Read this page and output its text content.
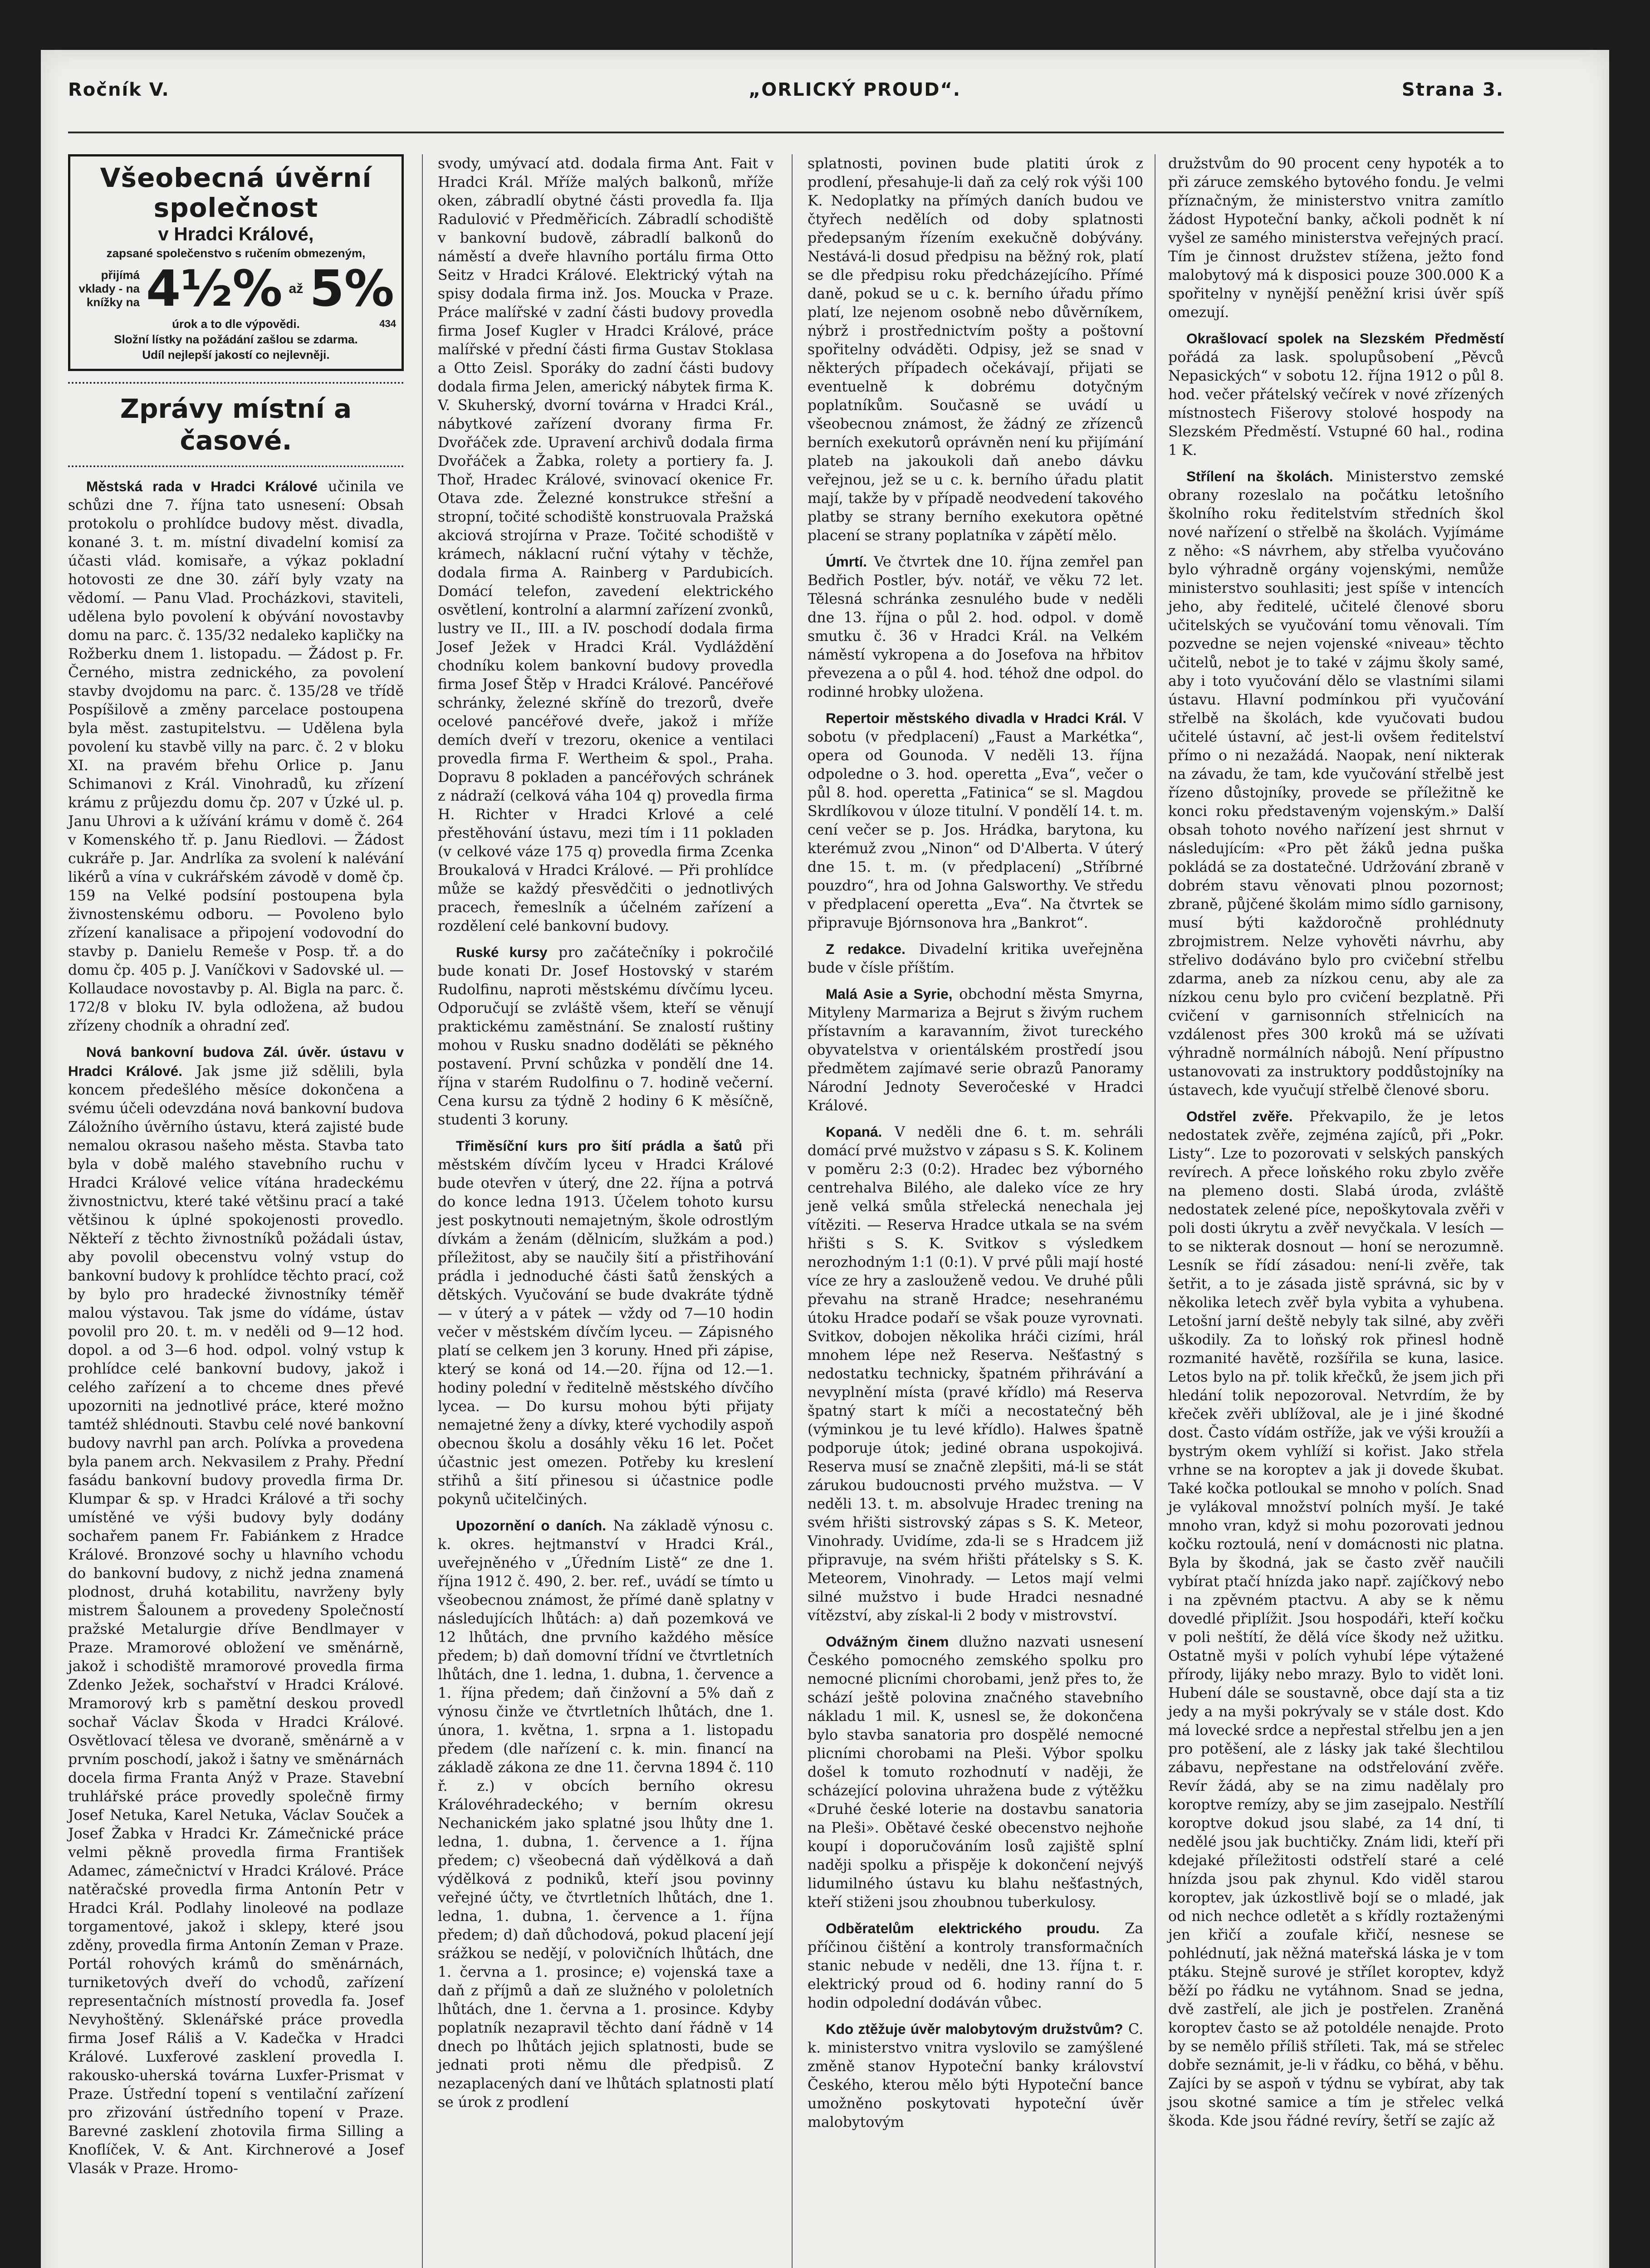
Ročník V.	„ORLICKÝ PROUD“.	Strana 3.
Všeobecná úvěrní společnost
v Hradci Králové,
zapsané společenstvo s ručením obmezeným,
přijímá vklady - na knížky na 4½% až 5%
úrok a to dle výpovědi.	434
Složní lístky na požádání zašlou se zdarma.
Udíl nejlepší jakostí co nejlevněji.
Zprávy místní a časové.

Městská rada v Hradci Králové učinila ve schůzi dne 7. října tato usnesení: Obsah protokolu o prohlídce budovy měst. divadla, konané 3. t. m. místní divadelní komisí za účasti vlád. komisaře, a výkaz pokladní hotovosti ze dne 30. září byly vzaty na vědomí. — Panu Vlad. Procházkovi, staviteli, udělena bylo povolení k obývání novostavby domu na parc. č. 135/32 nedaleko kapličky na Rožberku dnem 1. listopadu. — Žádost p. Fr. Černého, mistra zednického, za povolení stavby dvojdomu na parc. č. 135/28 ve třídě Pospíšilově a změny parcelace postoupena byla měst. zastupitelstvu. — Udělena byla povolení ku stavbě villy na parc. č. 2 v bloku XI. na pravém břehu Orlice p. Janu Schimanovi z Král. Vinohradů, ku zřízení krámu z průjezdu domu čp. 207 v Úzké ul. p. Janu Uhrovi a k užívání krámu v domě č. 264 v Komenského tř. p. Janu Riedlovi. — Žádost cukráře p. Jar. Andrlíka za svolení k nalévání likérů a vína v cukrářském závodě v domě čp. 159 na Velké podsíní postoupena byla živnostenskému odboru. — Povoleno bylo zřízení kanalisace a připojení vodovodní do stavby p. Danielu Remeše v Posp. tř. a do domu čp. 405 p. J. Vaníčkovi v Sadovské ul. — Kollaudace novostavby p. Al. Bigla na parc. č. 172/8 v bloku IV. byla odložena, až budou zřízeny chodník a ohradní zeď.

Nová bankovní budova Zál. úvěr. ústavu v Hradci Králové. Jak jsme již sdělili, byla koncem předešlého měsíce dokončena a svému účeli odevzdána nová bankovní budova Záložního úvěrního ústavu, která zajisté bude nemalou okrasou našeho města. Stavba tato byla v době malého stavebního ruchu v Hradci Králové velice vítána hradeckému živnostnictvu, které také většinu prací a také většinou k úplné spokojenosti provedlo. Někteří z těchto živnostníků požádali ústav, aby povolil obecenstvu volný vstup do bankovní budovy k prohlídce těchto prací, což by bylo pro hradecké živnostníky téměř malou výstavou. Tak jsme do vídáme, ústav povolil pro 20. t. m. v neděli od 9—12 hod. dopol. a od 3—6 hod. odpol. volný vstup k prohlídce celé bankovní budovy, jakož i celého zařízení a to chceme dnes převé upozorniti na jednotlivé práce, které možno tamtéž shlédnouti. Stavbu celé nové bankovní budovy navrhl pan arch. Polívka a provedena byla panem arch. Nekvasilem z Prahy. Přední fasádu bankovní budovy provedla firma Dr. Klumpar & sp. v Hradci Králové a tři sochy umístěné ve výši budovy byly dodány sochařem panem Fr. Fabiánkem z Hradce Králové. Bronzové sochy u hlavního vchodu do bankovní budovy, z nichž jedna znamená plodnost, druhá kotabilitu, navrženy byly mistrem Šalounem a provedeny Společností pražské Metalurgie dříve Bendlmayer v Praze. Mramorové obložení ve směnárně, jakož i schodiště mramorové provedla firma Zdenko Ježek, sochařství v Hradci Králové. Mramorový krb s pamětní deskou provedl sochař Václav Škoda v Hradci Králové. Osvětlovací tělesa ve dvoraně, směnárně a v prvním poschodí, jakož i šatny ve směnárnách docela firma Franta Anýž v Praze. Stavební truhlářské práce provedly společně firmy Josef Netuka, Karel Netuka, Václav Souček a Josef Žabka v Hradci Kr. Zámečnické práce velmi pěkně provedla firma František Adamec, zámečnictví v Hradci Králové. Práce natěračské provedla firma Antonín Petr v Hradci Král. Podlahy linoleové na podlaze torgamentové, jakož i sklepy, které jsou zděny, provedla firma Antonín Zeman v Praze. Portál rohových krámů do směnárnách, turniketových dveří do vchodů, zařízení representačních místností provedla fa. Josef Nevyhoštěný. Sklenářské práce provedla firma Josef Ráliš a V. Kadečka v Hradci Králové. Luxferové zasklení provedla I. rakousko-uherská továrna Luxfer-Prismat v Praze. Ústřední topení s ventilační zařízení pro zřizování ústředního topení v Praze. Barevné zasklení zhotovila firma Silling a Knoflíček, V. & Ant. Kirchnerové a Josef Vlasák v Praze. Hromo-

svody, umývací atd. dodala firma Ant. Fait v Hradci Král. Mříže malých balkonů, mříže oken, zábradlí obytné části provedla fa. Ilja Radulović v Předměřicích. Zábradlí schodiště v bankovní budově, zábradlí balkonů do náměstí a dveře hlavního portálu firma Otto Seitz v Hradci Králové. Elektrický výtah na spisy dodala firma inž. Jos. Moucka v Praze. Práce malířské v zadní části budovy provedla firma Josef Kugler v Hradci Králové, práce malířské v přední části firma Gustav Stoklasa a Otto Zeisl. Sporáky do zadní části budovy dodala firma Jelen, americký nábytek firma K. V. Skuherský, dvorní továrna v Hradci Král., nábytkové zařízení dvorany firma Fr. Dvořáček zde. Upravení archivů dodala firma Dvořáček a Žabka, rolety a portiery fa. J. Thoř, Hradec Králové, svinovací okenice Fr. Otava zde. Železné konstrukce střešní a stropní, točité schodiště konstruovala Pražská akciová strojírna v Praze. Točité schodiště v krámech, náklacní ruční výtahy v těchže, dodala firma A. Rainberg v Pardubicích. Domácí telefon, zavedení elektrického osvětlení, kontrolní a alarmní zařízení zvonků, lustry ve II., III. a IV. poschodí dodala firma Josef Ježek v Hradci Král. Vydláždění chodníku kolem bankovní budovy provedla firma Josef Štěp v Hradci Králové. Pancéřové schránky, železné skříně do trezorů, dveře ocelové pancéřové dveře, jakož i mříže demích dveří v trezoru, okenice a ventilaci provedla firma F. Wertheim & spol., Praha. Dopravu 8 pokladen a pancéřových schránek z nádraží (celková váha 104 q) provedla firma H. Richter v Hradci Krlové a celé přestěhování ústavu, mezi tím i 11 pokladen (v celkové váze 175 q) provedla firma Zcenka Broukalová v Hradci Králové. — Při prohlídce může se každý přesvědčiti o jednotlivých pracech, řemeslník a účelném zařízení a rozdělení celé bankovní budovy.

Ruské kursy pro začátečníky i pokročilé bude konati Dr. Josef Hostovský v starém Rudolfinu, naproti městskému dívčímu lyceu. Odporučují se zvláště všem, kteří se věnují praktickému zaměstnání. Se znalostí ruštiny mohou v Rusku snadno doděláti se pěkného postavení. První schůzka v pondělí dne 14. října v starém Rudolfinu o 7. hodině večerní. Cena kursu za týdně 2 hodiny 6 K měsíčně, studenti 3 koruny.

Třiměsíční kurs pro šití prádla a šatů při městském dívčím lyceu v Hradci Králové bude otevřen v úterý, dne 22. října a potrvá do konce ledna 1913. Účelem tohoto kursu jest poskytnouti nemajetným, škole odrostlým dívkám a ženám (dělnicím, služkám a pod.) příležitost, aby se naučily šití a přistřihování prádla i jednoduché části šatů ženských a dětských. Vyučování se bude dvakráte týdně — v úterý a v pátek — vždy od 7—10 hodin večer v městském dívčím lyceu. — Zápisného platí se celkem jen 3 koruny. Hned při zápise, který se koná od 14.—20. října od 12.—1. hodiny polední v ředitelně městského dívčího lycea. — Do kursu mohou býti přijaty nemajetné ženy a dívky, které vychodily aspoň obecnou školu a dosáhly věku 16 let. Počet účastnic jest omezen. Potřeby ku kreslení střihů a šití přinesou si účastnice podle pokynů učitelčiných.

Upozornění o daních. Na základě výnosu c. k. okres. hejtmanství v Hradci Král., uveřejněného v „Úředním Listě“ ze dne 1. října 1912 č. 490, 2. ber. ref., uvádí se tímto u všeobecnou známost, že přímé daně splatny v následujících lhůtách: a) daň pozemková ve 12 lhůtách, dne prvního každého měsíce předem; b) daň domovní třídní ve čtvrtletních lhůtách, dne 1. ledna, 1. dubna, 1. července a 1. října předem; daň činžovní a 5% daň z výnosu činže ve čtvrtletních lhůtách, dne 1. února, 1. května, 1. srpna a 1. listopadu předem (dle nařízení c. k. min. financí na základě zákona ze dne 11. června 1894 č. 110 ř. z.) v obcích berního okresu Královéhradeckého; v berním okresu Nechanickém jako splatné jsou lhůty dne 1. ledna, 1. dubna, 1. července a 1. října předem; c) všeobecná daň výdělková a daň výdělková z podniků, kteří jsou povinny veřejné účty, ve čtvrtletních lhůtách, dne 1. ledna, 1. dubna, 1. července a 1. října předem; d) daň důchodová, pokud placení její srážkou se nedějí, v polovičních lhůtách, dne 1. června a 1. prosince; e) vojenská taxe a daň z příjmů a daň ze služného v pololetních lhůtách, dne 1. června a 1. prosince. Kdyby poplatník nezapravil těchto daní řádně v 14 dnech po lhůtách jejich splatnosti, bude se jednati proti němu dle předpisů. Z nezaplacených daní ve lhůtách splatnosti platí se úrok z prodlení

splatnosti, povinen bude platiti úrok z prodlení, přesahuje-li daň za celý rok výši 100 K. Nedoplatky na přímých daních budou ve čtyřech nedělích od doby splatnosti předepsaným řízením exekučně dobývány. Nestává-li dosud předpisu na běžný rok, platí se dle předpisu roku předcházejícího. Přímé daně, pokud se u c. k. berního úřadu přímo platí, lze nejenom osobně nebo důvěrníkem, nýbrž i prostřednictvím pošty a poštovní spořitelny odváděti. Odpisy, jež se snad v některých případech očekávají, přijati se eventuelně k dobrému dotyčným poplatníkům. Současně se uvádí u všeobecnou známost, že žádný ze zřízenců berních exekutorů oprávněn není ku přijímání plateb na jakoukoli daň anebo dávku veřejnou, jež se u c. k. berního úřadu platit mají, takže by v případě neodvedení takového platby se strany berního exekutora opětné placení se strany poplatníka v zápětí mělo.

Úmrtí. Ve čtvrtek dne 10. října zemřel pan Bedřich Postler, býv. notář, ve věku 72 let. Tělesná schránka zesnulého bude v neděli dne 13. října o půl 2. hod. odpol. v domě smutku č. 36 v Hradci Král. na Velkém náměstí vykropena a do Josefova na hřbitov převezena a o půl 4. hod. téhož dne odpol. do rodinné hrobky uložena.

Repertoir městského divadla v Hradci Král. V sobotu (v předplacení) „Faust a Markétka“, opera od Gounoda. V neděli 13. října odpoledne o 3. hod. operetta „Eva“, večer o půl 8. hod. operetta „Fatinica“ se sl. Magdou Skrdlíkovou v úloze titulní. V pondělí 14. t. m. cení večer se p. Jos. Hrádka, barytona, ku kterémuž zvou „Ninon“ od D'Alberta. V úterý dne 15. t. m. (v předplacení) „Stříbrné pouzdro“, hra od Johna Galsworthy. Ve středu v předplacení operetta „Eva“. Na čtvrtek se připravuje Bjórnsonova hra „Bankrot“.

Z redakce. Divadelní kritika uveřejněna bude v čísle příštím.

Malá Asie a Syrie, obchodní města Smyrna, Mityleny Marmariza a Bejrut s živým ruchem přístavním a karavanním, život tureckého obyvatelstva v orientálském prostředí jsou předmětem zajímavé serie obrazů Panoramy Národní Jednoty Severočeské v Hradci Králové.

Kopaná. V neděli dne 6. t. m. sehráli domácí prvé mužstvo v zápasu s S. K. Kolinem v poměru 2:3 (0:2). Hradec bez výborného centrehalva Bilého, ale daleko více ze hry jeně velká smůla střelecká nenechala jej vítěziti. — Reserva Hradce utkala se na svém hřišti s S. K. Svitkov s výsledkem nerozhodným 1:1 (0:1). V prvé půli mají hosté více ze hry a zaslouženě vedou. Ve druhé půli převahu na straně Hradce; nesehranému útoku Hradce podaří se však pouze vyrovnati. Svitkov, dobojen několika hráči cizími, hrál mnohem lépe než Reserva. Nešťastný s nedostatku technicky, špatném přihrávání a nevyplnění místa (pravé křídlo) má Reserva špatný start k míči a necostatečný běh (výminkou je tu levé křídlo). Halwes špatně podporuje útok; jediné obrana uspokojivá. Reserva musí se značně zlepšiti, má-li se stát zárukou budoucnosti prvého mužstva. — V neděli 13. t. m. absolvuje Hradec trening na svém hřišti sistrovský zápas s S. K. Meteor, Vinohrady. Uvidíme, zda-li se s Hradcem již připravuje, na svém hřišti přátelsky s S. K. Meteorem, Vinohrady. — Letos mají velmi silné mužstvo i bude Hradci nesnadné vítězství, aby získal-li 2 body v mistrovství.

Odvážným činem dlužno nazvati usnesení Českého pomocného zemského spolku pro nemocné plicními chorobami, jenž přes to, že schází ještě polovina značného stavebního nákladu 1 mil. K, usnesl se, že dokončena bylo stavba sanatoria pro dospělé nemocné plicními chorobami na Pleši. Výbor spolku došel k tomuto rozhodnutí v naději, že scházející polovina uhražena bude z výtěžku «Druhé české loterie na dostavbu sanatoria na Pleši». Obětavé české obecenstvo nejhoňe koupí i doporučováním losů zajiště splní naději spolku a přispěje k dokončení nejvýš lidumilného ústavu ku blahu nešťastných, kteří stiženi jsou zhoubnou tuberkulosy.

Odběratelům elektrického proudu. Za příčinou čištění a kontroly transformačních stanic nebude v neděli, dne 13. října t. r. elektrický proud od 6. hodiny ranní do 5 hodin odpolední dodáván vůbec.

Kdo ztěžuje úvěr malobytovým družstvům? C. k. ministerstvo vnitra vyslovilo se zamýšlené změně stanov Hypoteční banky království Českého, kterou mělo býti Hypoteční bance umožněno poskytovati hypoteční úvěr malobytovým

družstvům do 90 procent ceny hypoték a to při záruce zemského bytového fondu. Je velmi příznačným, že ministerstvo vnitra zamítlo žádost Hypoteční banky, ačkoli podnět k ní vyšel ze samého ministerstva veřejných prací. Tím je činnost družstev stížena, ježto fond malobytový má k disposici pouze 300.000 K a spořitelny v nynější peněžní krisi úvěr spíš omezují.

Okrašlovací spolek na Slezském Předměstí pořádá za lask. spolupůsobení „Pěvců Nepasických“ v sobotu 12. října 1912 o půl 8. hod. večer přátelský večírek v nové zřízených místnostech Fišerovy stolové hospody na Slezském Předměstí. Vstupné 60 hal., rodina 1 K.

Střílení na školách. Ministerstvo zemské obrany rozeslalo na počátku letošního školního roku ředitelstvím středních škol nové nařízení o střelbě na školách. Vyjímáme z něho: «S návrhem, aby střelba vyučováno bylo výhradně orgány vojenskými, nemůže ministerstvo souhlasiti; jest spíše v intencích jeho, aby ředitelé, učitelé členové sboru učitelských se vyučování tomu věnovali. Tím pozvedne se nejen vojenské «niveau» těchto učitelů, nebot je to také v zájmu školy samé, aby i toto vyučování dělo se vlastními silami ústavu. Hlavní podmínkou při vyučování střelbě na školách, kde vyučovati budou učitelé ústavní, ač jest-li ovšem ředitelství přímo o ni nezažádá. Naopak, není nikterak na závadu, že tam, kde vyučování střelbě jest řízeno důstojníky, provede se příležitně ke konci roku představeným vojenským.» Další obsah tohoto nového nařízení jest shrnut v následujícím: «Pro pět žáků jedna puška pokládá se za dostatečné. Udržování zbraně v dobrém stavu věnovati plnou pozornost; zbraně, půjčené školám mimo sídlo garnisony, musí býti každoročně prohlédnuty zbrojmistrem. Nelze vyhověti návrhu, aby střelivo dodáváno bylo pro cvičební střelbu zdarma, aneb za nízkou cenu, aby ale za nízkou cenu bylo pro cvičení bezplatně. Při cvičení v garnisonních střelnicích na vzdálenost přes 300 kroků má se užívati výhradně normálních nábojů. Není přípustno ustanovovati za instruktory poddůstojníky na ústavech, kde vyučují střelbě členové sboru.

Odstřel zvěře. Překvapilo, že je letos nedostatek zvěře, zejména zajíců, při „Pokr. Listy“. Lze to pozorovati v selských panských revírech. A přece loňského roku zbylo zvěře na plemeno dosti. Slabá úroda, zvláště nedostatek zelené píce, nepoškytovala zvěři v poli dosti úkrytu a zvěř nevyčkala. V lesích — to se nikterak dosnout — honí se nerozumně. Lesník se řídí zásadou: není-li zvěře, tak šetřit, a to je zásada jistě správná, sic by v několika letech zvěř byla vybita a vyhubena. Letošní jarní deště nebyly tak silné, aby zvěři uškodily. Za to loňský rok přinesl hodně rozmanité havětě, rozšířila se kuna, lasice. Letos bylo na př. tolik křečků, že jsem jich při hledání tolik nepozoroval. Netvrdím, že by křeček zvěři ublížoval, ale je i jiné škodné dost. Často vídám ostříže, jak ve výši kroužíi a bystrým okem vyhlíží si kořist. Jako střela vrhne se na koroptev a jak ji dovede škubat. Také kočka potloukal se mnoho v polích. Snad je vylákoval množství polních myší. Je také mnoho vran, když si mohu pozorovati jednou kočku roztoulá, není v domácnosti nic platna. Byla by škodná, jak se často zvěř naučili vybírat ptačí hnízda jako např. zajíčkový nebo i na zpěvném ptactvu. A aby se k němu dovedlé připlížit. Jsou hospodáři, kteří kočku v poli neštítí, že dělá více škody než užitku. Ostatně myši v polích vyhubí lépe výtažené přírody, lijáky nebo mrazy. Bylo to vidět loni. Hubení dále se soustavně, obce dají sta a tiz jedy a na myši pokrývaly se v stále dost. Kdo má lovecké srdce a nepřestal střelbu jen a jen pro potěšení, ale z lásky jak také šlechtilou zábavu, nepřestane na odstřelování zvěře. Revír žádá, aby se na zimu nadělaly pro koroptve remízy, aby se jim zasejpalo. Nestřílí koroptve dokud jsou slabé, za 14 dní, ti nedělé jsou jak buchtičky. Znám lidi, kteří při kdejaké příležitosti odstřelí staré a celé hnízda jsou pak zhynul. Kdo viděl starou koroptev, jak úzkostlivě bojí se o mladé, jak od nich nechce odletět a s křídly roztaženými jen křičí a zoufale křičí, nesnese se pohlédnutí, jak něžná mateřská láska je v tom ptáku. Stejně surové je střílet koroptev, když běží po řádku ne vytáhnom. Snad se jedna, dvě zastřelí, ale jich je postřelen. Zraněná koroptev často se až potoldéle nenajde. Proto by se nemělo příliš stříleti. Tak, má se střelec dobře seznámit, je-li v řádku, co běhá, v běhu. Zajíci by se aspoň v týdnu se vybírat, aby tak jsou skotné samice a tím je střelec velká škoda. Kde jsou řádné revíry, šetří se zajíc až
